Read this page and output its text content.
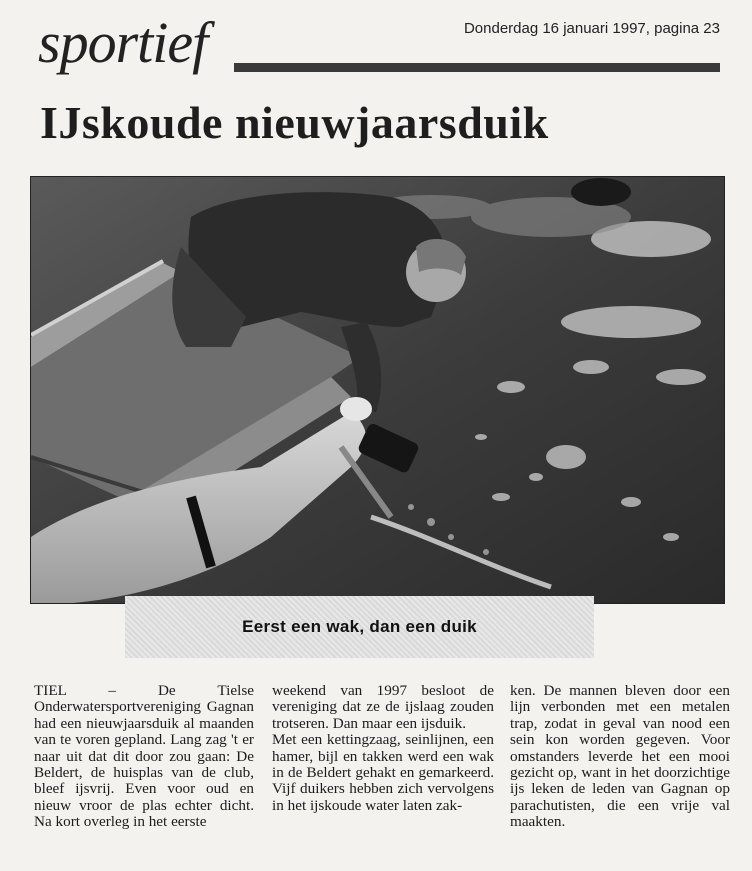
Donderdag 16 januari 1997, pagina 23
sportief
IJskoude nieuwjaarsduik
Eerst een wak, dan een duik

TIEL – De Tielse Onderwatersportvereniging Gagnan had een nieuwjaarsduik al maanden van te voren gepland. Lang zag 't er naar uit dat dit door zou gaan: De Beldert, de huisplas van de club, bleef ijsvrij. Even voor oud en nieuw vroor de plas echter dicht. Na kort overleg in het eerste

weekend van 1997 besloot de vereniging dat ze de ijslaag zouden trotseren. Dan maar een ijsduik.

Met een kettingzaag, seinlijnen, een hamer, bijl en takken werd een wak in de Beldert gehakt en gemarkeerd. Vijf duikers hebben zich vervolgens in het ijskoude water laten zak-

ken. De mannen bleven door een lijn verbonden met een metalen trap, zodat in geval van nood een sein kon worden gegeven. Voor omstanders leverde het een mooi gezicht op, want in het doorzichtige ijs leken de leden van Gagnan op parachutisten, die een vrije val maakten.
